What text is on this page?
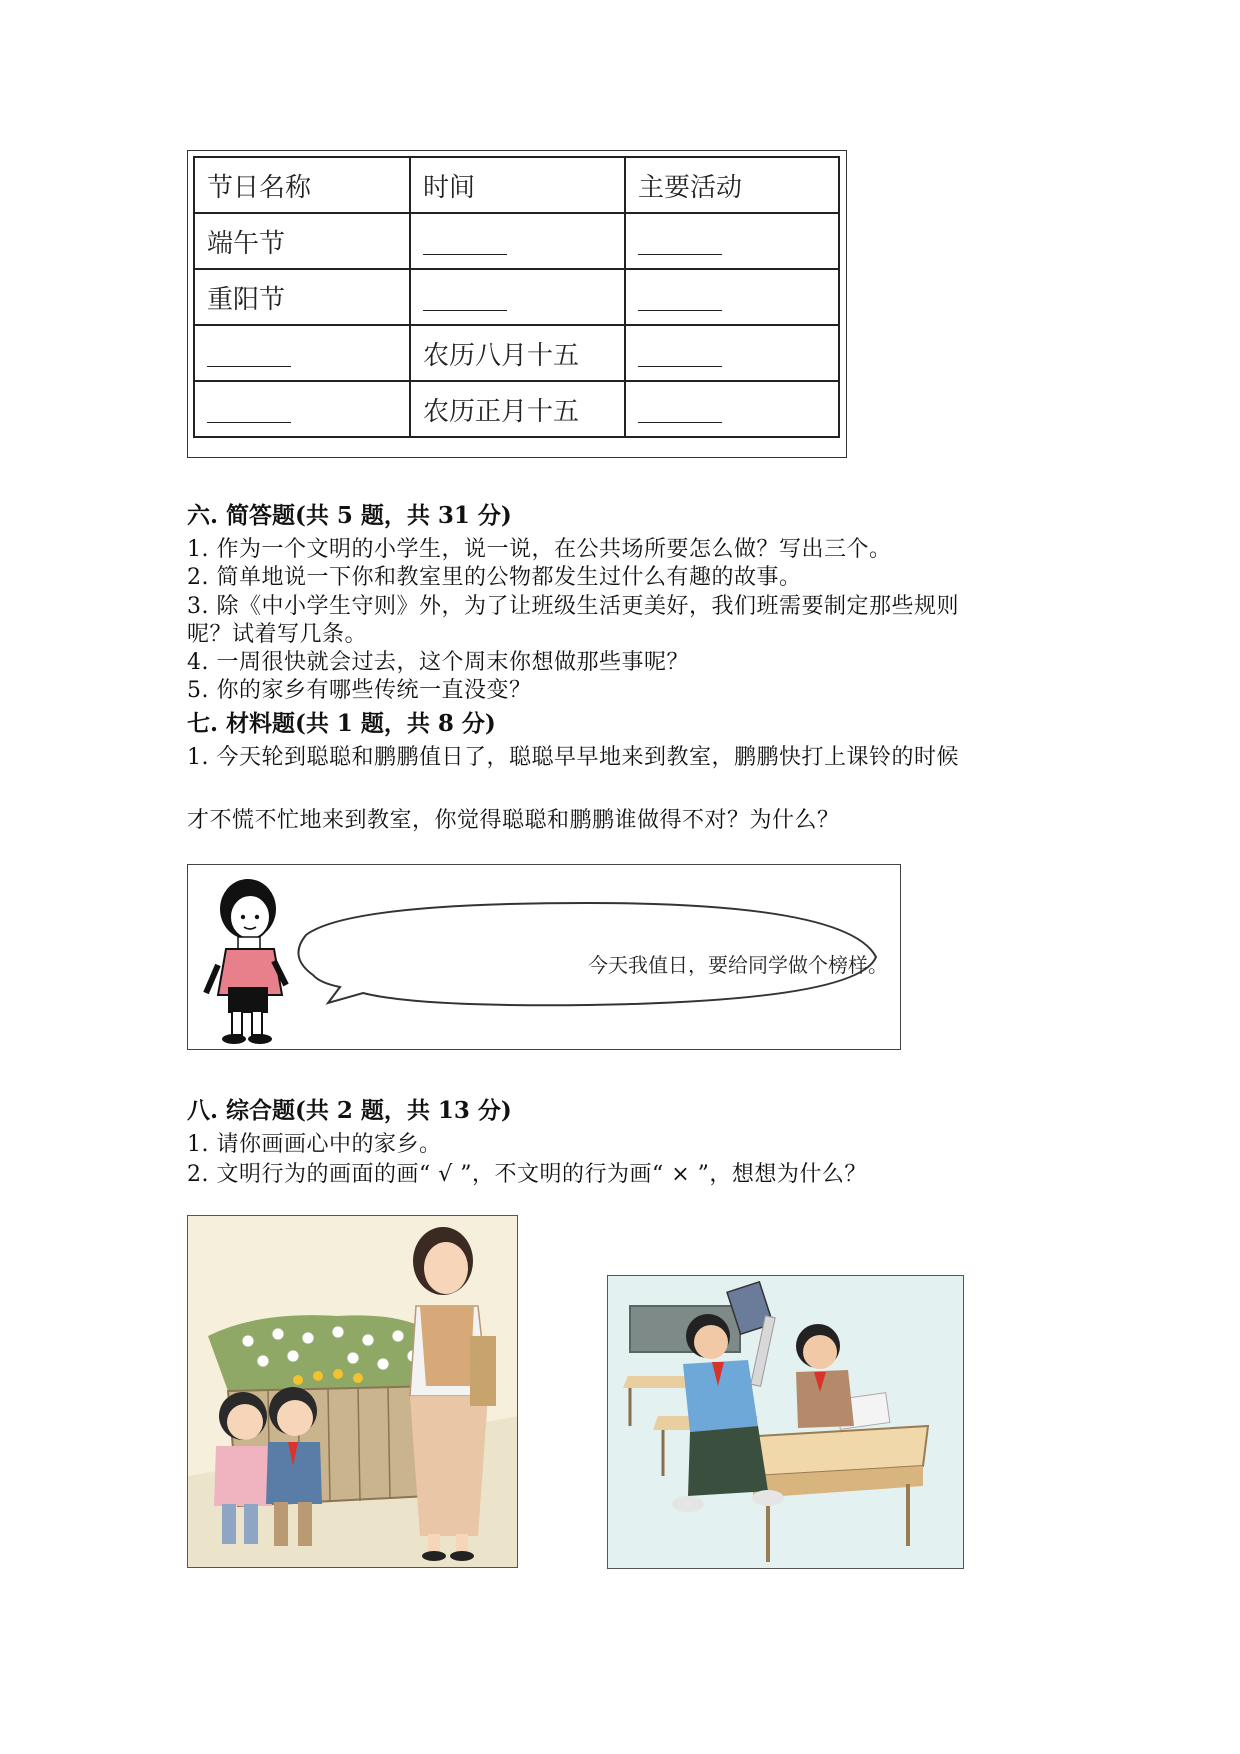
节日名称	时间	主要活动
端午节		
重阳节		
	农历八月十五	
	农历正月十五	
六. 简答题(共 5 题，共 31 分)
1. 作为一个文明的小学生，说一说，在公共场所要怎么做？写出三个。
2. 简单地说一下你和教室里的公物都发生过什么有趣的故事。
3. 除《中小学生守则》外，为了让班级生活更美好，我们班需要制定那些规则
呢？试着写几条。
4. 一周很快就会过去，这个周末你想做那些事呢？
5. 你的家乡有哪些传统一直没变？
七. 材料题(共 1 题，共 8 分)
1. 今天轮到聪聪和鹏鹏值日了，聪聪早早地来到教室，鹏鹏快打上课铃的时候
才不慌不忙地来到教室，你觉得聪聪和鹏鹏谁做得不对？为什么？
今天我值日，要给同学做个榜样。
八. 综合题(共 2 题，共 13 分)
1. 请你画画心中的家乡。
2. 文明行为的画面的画“ √ ”，不文明的行为画“ × ”，想想为什么？
